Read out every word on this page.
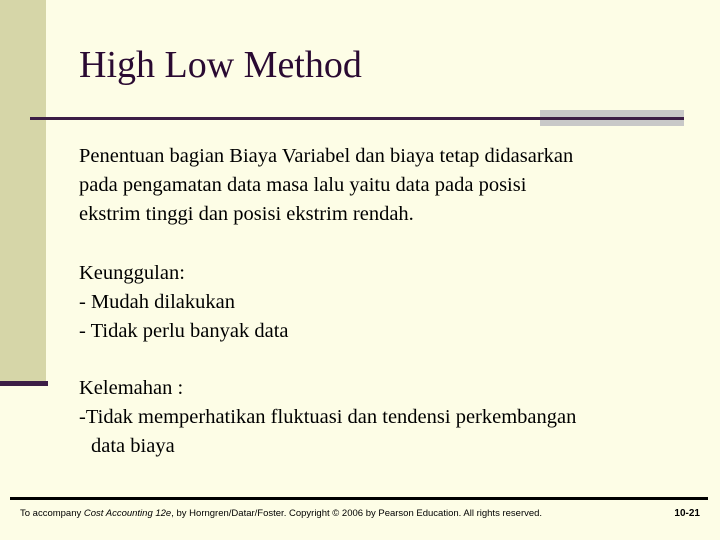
High Low Method

Penentuan bagian Biaya Variabel dan biaya tetap didasarkan

pada pengamatan data masa lalu yaitu data pada posisi

ekstrim tinggi dan posisi ekstrim rendah.

Keunggulan:

- Mudah dilakukan

- Tidak perlu banyak data

Kelemahan :

-Tidak memperhatikan fluktuasi dan tendensi perkembangan

data biaya

To accompany Cost Accounting 12e, by Horngren/Datar/Foster. Copyright © 2006 by Pearson Education. All rights reserved.	10-21
